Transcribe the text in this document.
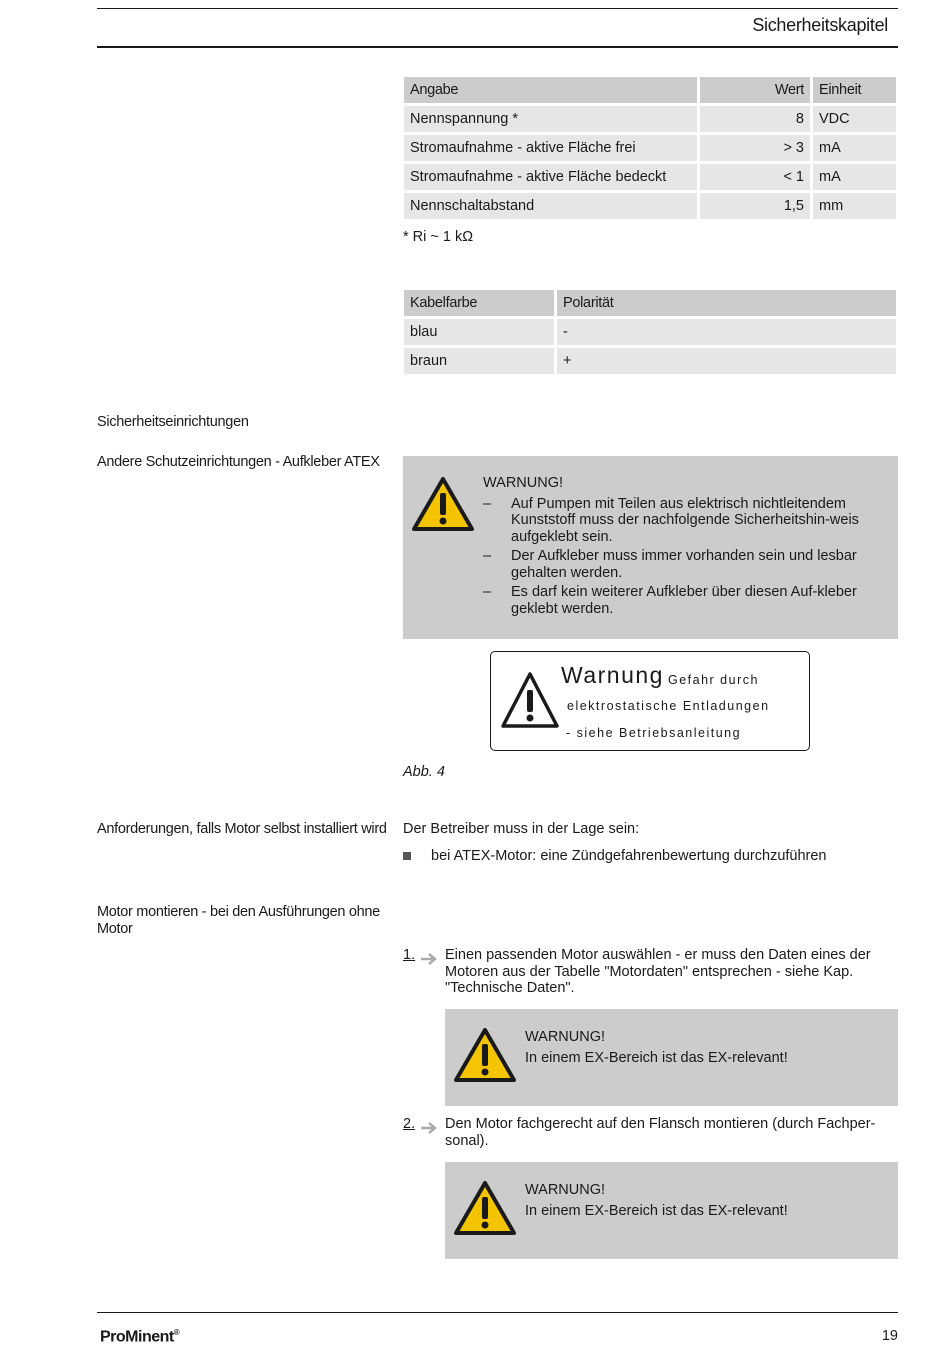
Sicherheitskapitel
Angabe	Wert	Einheit
Nennspannung *	8	VDC
Stromaufnahme - aktive Fläche frei	> 3	mA
Stromaufnahme - aktive Fläche bedeckt	< 1	mA
Nennschaltabstand	1,5	mm
* Ri ~ 1 kΩ
Kabelfarbe	Polarität
blau	-
braun	+
Sicherheitseinrichtungen
Andere Schutzeinrichtungen - Aufkleber ATEX
WARNUNG!
– Auf Pumpen mit Teilen aus elektrisch nichtleitendem Kunststoff muss der nachfolgende Sicherheitshin-weis aufgeklebt sein.
– Der Aufkleber muss immer vorhanden sein und lesbar gehalten werden.
– Es darf kein weiterer Aufkleber über diesen Auf-kleber geklebt werden.
Warnung Gefahr durch
elektrostatische Entladungen
- siehe Betriebsanleitung
Abb. 4
Anforderungen, falls Motor selbst installiert wird Der Betreiber muss in der Lage sein:
bei ATEX-Motor: eine Zündgefahrenbewertung durchzuführen
Motor montieren - bei den Ausführungen ohne Motor
1. Einen passenden Motor auswählen - er muss den Daten eines der Motoren aus der Tabelle "Motordaten" entsprechen - siehe Kap. "Technische Daten".
WARNUNG!
In einem EX-Bereich ist das EX-relevant!
2. Den Motor fachgerecht auf den Flansch montieren (durch Fachper-sonal).
WARNUNG!
In einem EX-Bereich ist das EX-relevant!
ProMinent®	19
